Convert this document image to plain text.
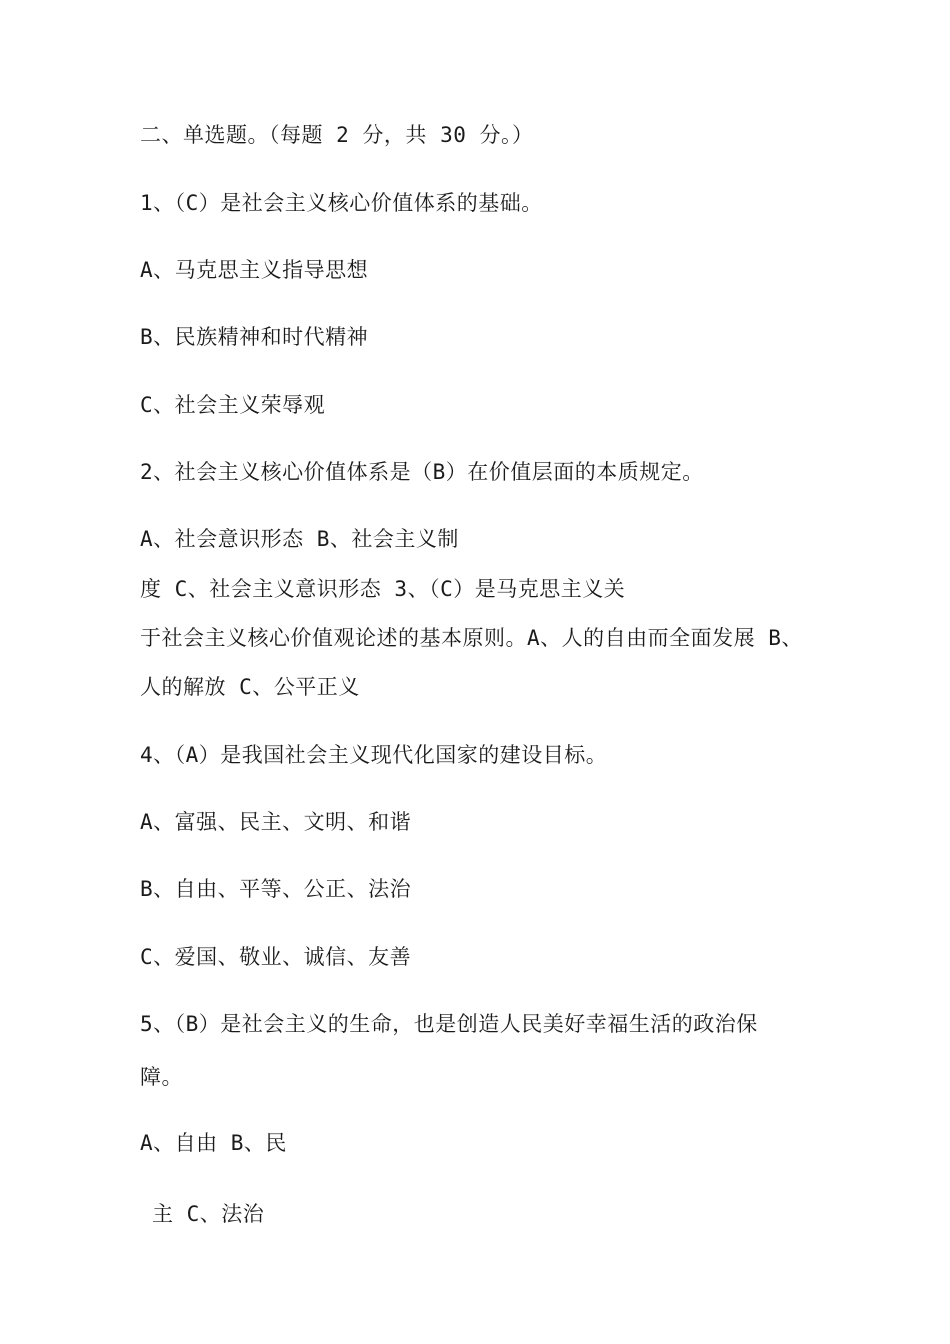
二、单选题。（每题 2 分，共 30 分。）
1、（C）是社会主义核心价值体系的基础。
A、马克思主义指导思想
B、民族精神和时代精神
C、社会主义荣辱观
2、社会主义核心价值体系是（B）在价值层面的本质规定。
A、社会意识形态 B、社会主义制
度 C、社会主义意识形态 3、（C）是马克思主义关
于社会主义核心价值观论述的基本原则。A、人的自由而全面发展 B、
人的解放 C、公平正义
4、（A）是我国社会主义现代化国家的建设目标。
A、富强、民主、文明、和谐
B、自由、平等、公正、法治
C、爱国、敬业、诚信、友善
5、（B）是社会主义的生命，也是创造人民美好幸福生活的政治保
障。
A、自由 B、民
主 C、法治
